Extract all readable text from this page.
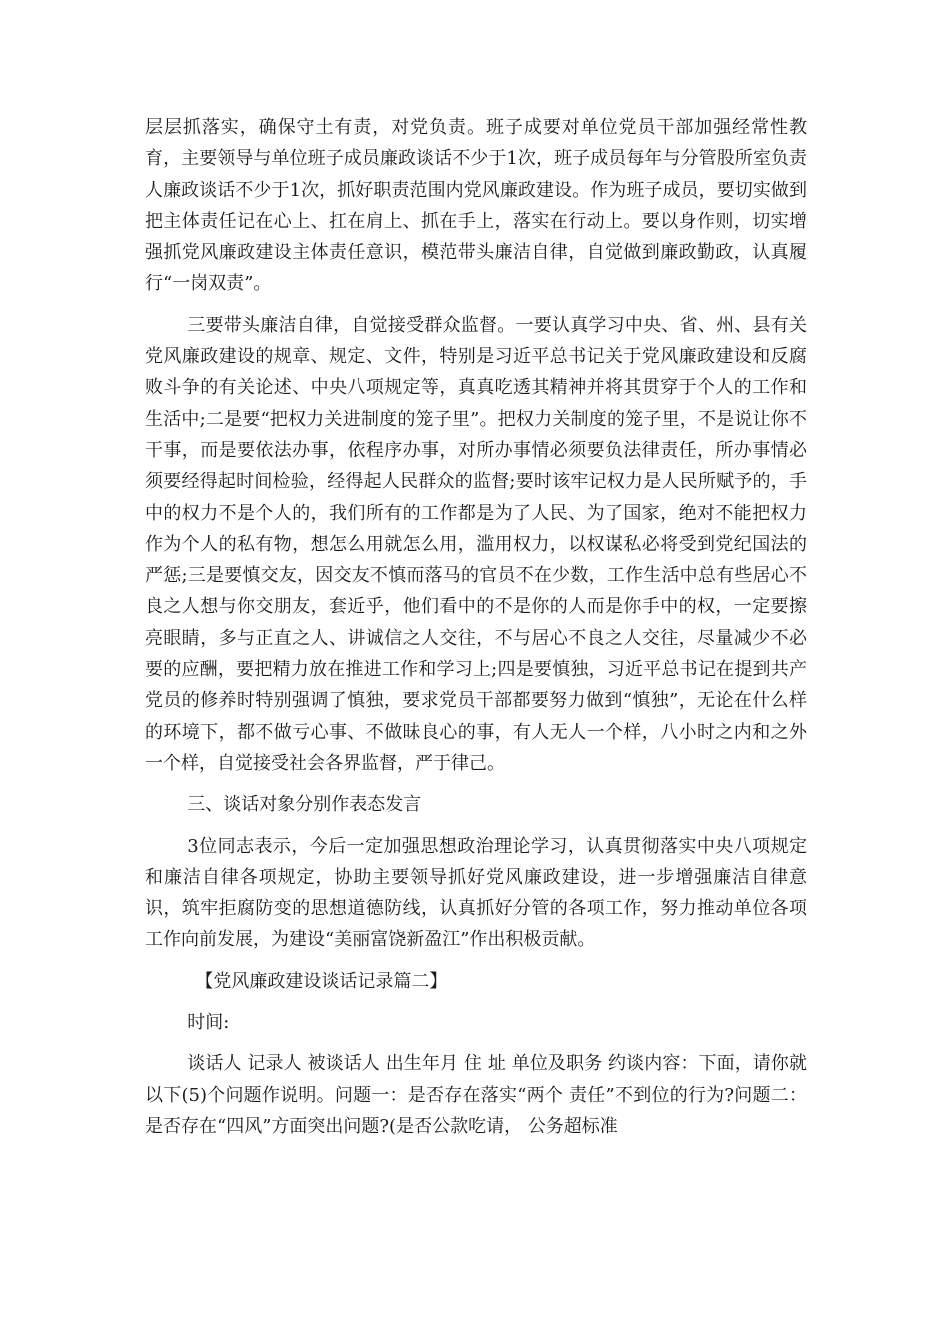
层层抓落实，确保守土有责，对党负责。班子成要对单位党员干部加强经常性教育，主要领导与单位班子成员廉政谈话不少于1次，班子成员每年与分管股所室负责人廉政谈话不少于1次，抓好职责范围内党风廉政建设。作为班子成员，要切实做到把主体责任记在心上、扛在肩上、抓在手上，落实在行动上。要以身作则，切实增强抓党风廉政建设主体责任意识，模范带头廉洁自律，自觉做到廉政勤政，认真履行“一岗双责”。

三要带头廉洁自律，自觉接受群众监督。一要认真学习中央、省、州、县有关党风廉政建设的规章、规定、文件，特别是习近平总书记关于党风廉政建设和反腐败斗争的有关论述、中央八项规定等，真真吃透其精神并将其贯穿于个人的工作和生活中;二是要“把权力关进制度的笼子里”。把权力关制度的笼子里，不是说让你不干事，而是要依法办事，依程序办事，对所办事情必须要负法律责任，所办事情必须要经得起时间检验，经得起人民群众的监督;要时该牢记权力是人民所赋予的，手中的权力不是个人的，我们所有的工作都是为了人民、为了国家，绝对不能把权力作为个人的私有物，想怎么用就怎么用，滥用权力，以权谋私必将受到党纪国法的严惩;三是要慎交友，因交友不慎而落马的官员不在少数，工作生活中总有些居心不良之人想与你交朋友，套近乎，他们看中的不是你的人而是你手中的权，一定要擦亮眼睛，多与正直之人、讲诚信之人交往，不与居心不良之人交往，尽量减少不必要的应酬，要把精力放在推进工作和学习上;四是要慎独，习近平总书记在提到共产党员的修养时特别强调了慎独，要求党员干部都要努力做到“慎独”，无论在什么样的环境下，都不做亏心事、不做昧良心的事，有人无人一个样，八小时之内和之外一个样，自觉接受社会各界监督，严于律己。

三、谈话对象分别作表态发言

3位同志表示，今后一定加强思想政治理论学习，认真贯彻落实中央八项规定和廉洁自律各项规定，协助主要领导抓好党风廉政建设，进一步增强廉洁自律意识，筑牢拒腐防变的思想道德防线，认真抓好分管的各项工作，努力推动单位各项工作向前发展，为建设“美丽富饶新盈江”作出积极贡献。

【党风廉政建设谈话记录篇二】

时间:

谈话人 记录人 被谈话人 出生年月 住 址 单位及职务 约谈内容：下面，请你就以下(5)个问题作说明。问题一：是否存在落实“两个 责任”不到位的行为?问题二：是否存在“四风”方面突出问题?(是否公款吃请， 公务超标准
